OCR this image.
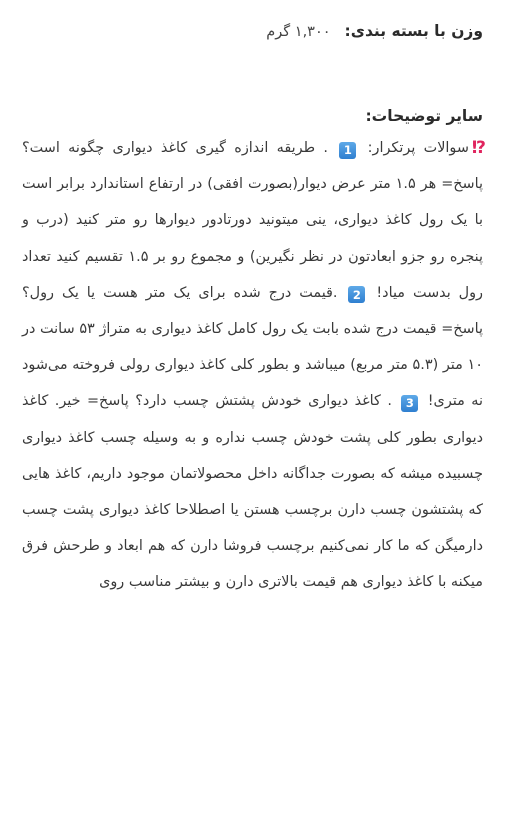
وزن با بسته بندی:
۱,۳۰۰ گرم
سایر توضیحات:

⁉سوالات پرتکرار: 1 . طریقه اندازه گیری کاغذ دیواری چگونه است؟ پاسخ= هر ۱.۵ متر عرض دیوار(بصورت افقی) در ارتفاع استاندارد برابر است با یک رول کاغذ دیواری، ینی میتونید دورتادور دیوارها رو متر کنید (درب و پنجره رو جزو ابعادتون در نظر نگیرین) و مجموع رو بر ۱.۵ تقسیم کنید تعداد رول بدست میاد! 2 .قیمت درج شده برای یک متر هست یا یک رول؟ پاسخ= قیمت درج شده بابت یک رول کامل کاغذ دیواری به متراژ ۵۳ سانت در ۱۰ متر (۵.۳ متر مربع) میباشد و بطور کلی کاغذ دیواری رولی فروخته می‌شود نه متری! 3 . کاغذ دیواری خودش پشتش چسب دارد؟ پاسخ= خیر. کاغذ دیواری بطور کلی پشت خودش چسب نداره و به وسیله چسب کاغذ دیواری چسبیده میشه که بصورت جداگانه داخل محصولاتمان موجود داریم، کاغذ هایی که پشتشون چسب دارن برچسب هستن یا اصطلاحا کاغذ دیواری پشت چسب دارمیگن که ما کار نمی‌کنیم برچسب فروشا دارن که هم ابعاد و طرحش فرق میکنه با کاغذ دیواری هم قیمت بالاتری دارن و بیشتر مناسب روی
